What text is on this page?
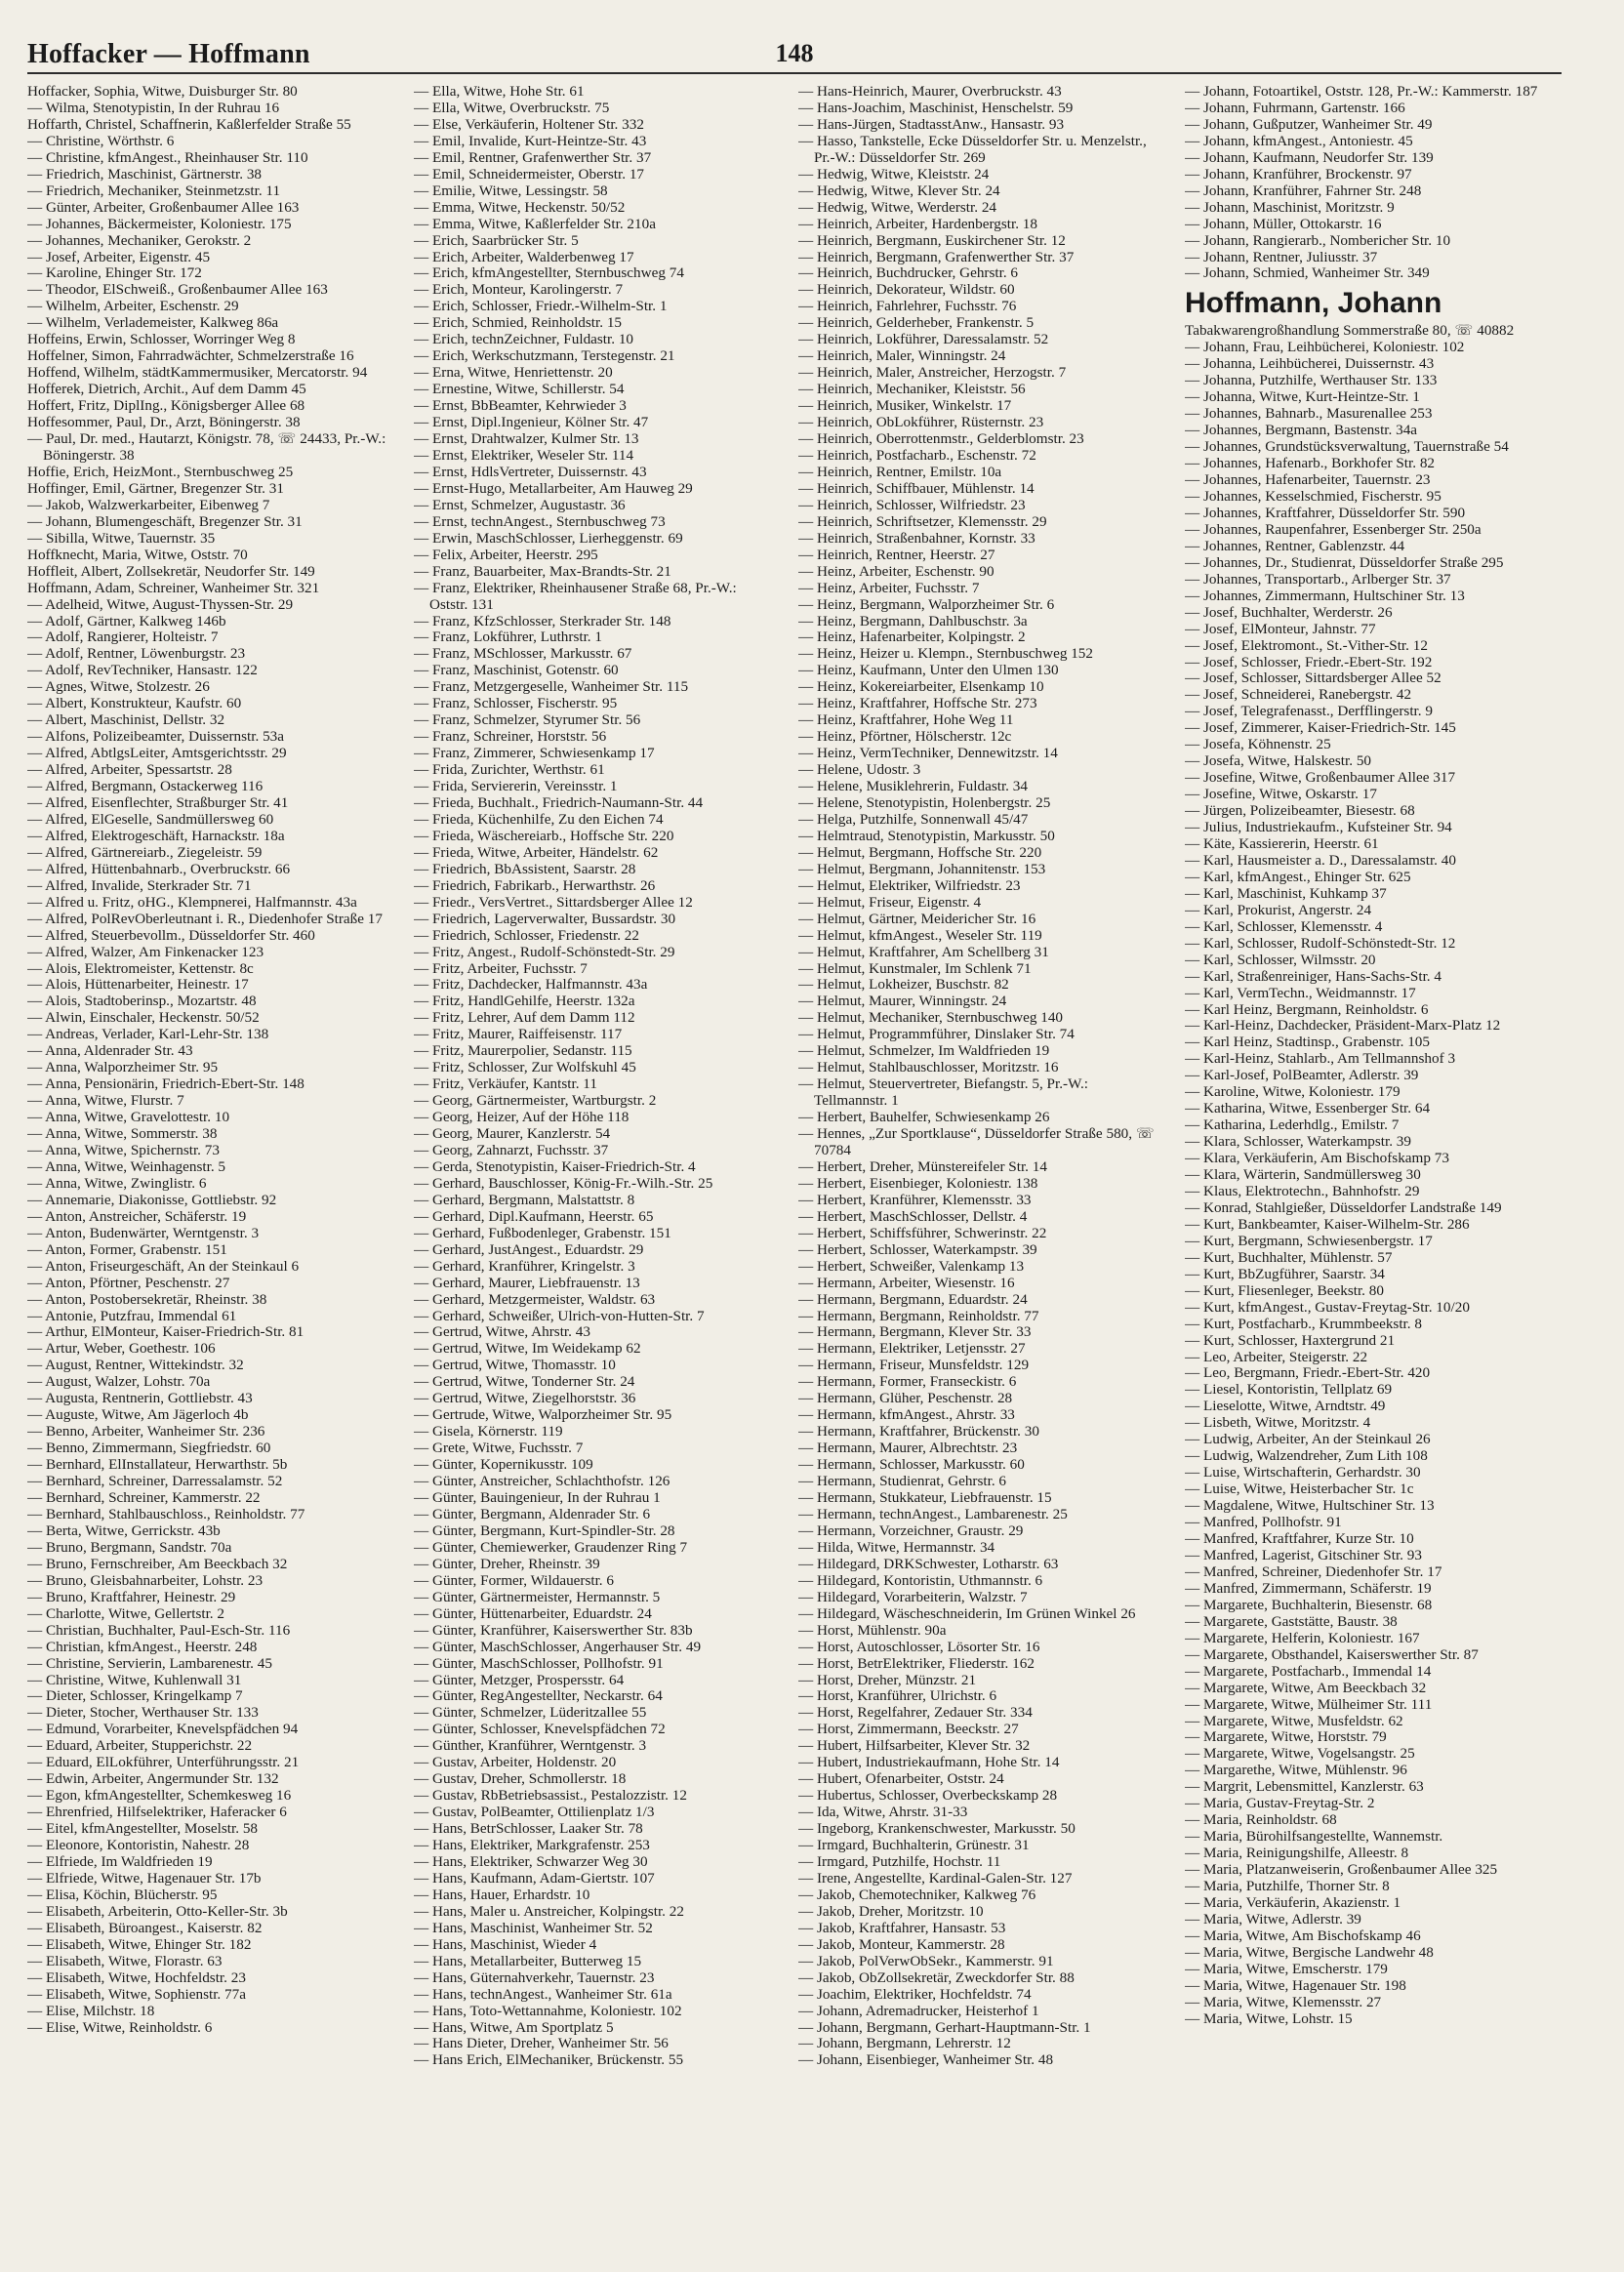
Hoffacker — Hoffmann	148
Hoffacker, Sophia, Witwe, Duisburger Str. 80
— Wilma, Stenotypistin, In der Ruhrau 16
Hoffarth, Christel, Schaffnerin, Kaßlerfelder Straße 55
— Christine, Wörthstr. 6
— Christine, kfmAngest., Rheinhauser Str. 110
— Friedrich, Maschinist, Gärtnerstr. 38
— Friedrich, Mechaniker, Steinmetzstr. 11
— Günter, Arbeiter, Großenbaumer Allee 163
— Johannes, Bäckermeister, Koloniestr. 175
— Johannes, Mechaniker, Gerokstr. 2
— Josef, Arbeiter, Eigenstr. 45
— Karoline, Ehinger Str. 172
— Theodor, ElSchweiß., Großenbaumer Allee 163
— Wilhelm, Arbeiter, Eschenstr. 29
— Wilhelm, Verlademeister, Kalkweg 86a
Hoffeins, Erwin, Schlosser, Worringer Weg 8
Hoffelner, Simon, Fahrradwächter, Schmelzerstraße 16
Hoffend, Wilhelm, städtKammermusiker, Mercatorstr. 94
Hofferek, Dietrich, Archit., Auf dem Damm 45
Hoffert, Fritz, DiplIng., Königsberger Allee 68
Hoffesommer, Paul, Dr., Arzt, Böningerstr. 38
— Paul, Dr. med., Hautarzt, Königstr. 78, ☏ 24433, Pr.-W.: Böningerstr. 38
Hoffie, Erich, HeizMont., Sternbuschweg 25
Hoffinger, Emil, Gärtner, Bregenzer Str. 31
— Jakob, Walzwerkarbeiter, Eibenweg 7
— Johann, Blumengeschäft, Bregenzer Str. 31
— Sibilla, Witwe, Tauernstr. 35
Hoffknecht, Maria, Witwe, Oststr. 70
Hoffleit, Albert, Zollsekretär, Neudorfer Str. 149
Hoffmann, Adam, Schreiner, Wanheimer Str. 321
— Adelheid, Witwe, August-Thyssen-Str. 29
— Adolf, Gärtner, Kalkweg 146b
— Adolf, Rangierer, Holteistr. 7
— Adolf, Rentner, Löwenburgstr. 23
— Adolf, RevTechniker, Hansastr. 122
— Agnes, Witwe, Stolzestr. 26
— Albert, Konstrukteur, Kaufstr. 60
— Albert, Maschinist, Dellstr. 32
— Alfons, Polizeibeamter, Duissernstr. 53a
— Alfred, AbtlgsLeiter, Amtsgerichtsstr. 29
— Alfred, Arbeiter, Spessartstr. 28
— Alfred, Bergmann, Ostackerweg 116
— Alfred, Eisenflechter, Straßburger Str. 41
— Alfred, ElGeselle, Sandmüllersweg 60
— Alfred, Elektrogeschäft, Harnackstr. 18a
— Alfred, Gärtnereiarb., Ziegeleistr. 59
— Alfred, Hüttenbahnarb., Overbruckstr. 66
— Alfred, Invalide, Sterkrader Str. 71
— Alfred u. Fritz, oHG., Klempnerei, Halfmannstr. 43a
— Alfred, PolRevOberleutnant i. R., Diedenhofer Straße 17
— Alfred, Steuerbevollm., Düsseldorfer Str. 460
— Alfred, Walzer, Am Finkenacker 123
— Alois, Elektromeister, Kettenstr. 8c
— Alois, Hüttenarbeiter, Heinestr. 17
— Alois, Stadtoberinsp., Mozartstr. 48
— Alwin, Einschaler, Heckenstr. 50/52
— Andreas, Verlader, Karl-Lehr-Str. 138
— Anna, Aldenrader Str. 43
— Anna, Walporzheimer Str. 95
— Anna, Pensionärin, Friedrich-Ebert-Str. 148
— Anna, Witwe, Flurstr. 7
— Anna, Witwe, Gravelottestr. 10
— Anna, Witwe, Sommerstr. 38
— Anna, Witwe, Spichernstr. 73
— Anna, Witwe, Weinhagenstr. 5
— Anna, Witwe, Zwinglistr. 6
— Annemarie, Diakonisse, Gottliebstr. 92
— Anton, Anstreicher, Schäferstr. 19
— Anton, Budenwärter, Werntgenstr. 3
— Anton, Former, Grabenstr. 151
— Anton, Friseurgeschäft, An der Steinkaul 6
— Anton, Pförtner, Peschenstr. 27
— Anton, Postobersekretär, Rheinstr. 38
— Antonie, Putzfrau, Immendal 61
— Arthur, ElMonteur, Kaiser-Friedrich-Str. 81
— Artur, Weber, Goethestr. 106
— August, Rentner, Wittekindstr. 32
— August, Walzer, Lohstr. 70a
— Augusta, Rentnerin, Gottliebstr. 43
— Auguste, Witwe, Am Jägerloch 4b
— Benno, Arbeiter, Wanheimer Str. 236
— Benno, Zimmermann, Siegfriedstr. 60
— Bernhard, ElInstallateur, Herwarthstr. 5b
— Bernhard, Schreiner, Darressalamstr. 52
— Bernhard, Schreiner, Kammerstr. 22
— Bernhard, Stahlbauschloss., Reinholdstr. 77
— Berta, Witwe, Gerrickstr. 43b
— Bruno, Bergmann, Sandstr. 70a
— Bruno, Fernschreiber, Am Beeckbach 32
— Bruno, Gleisbahnarbeiter, Lohstr. 23
— Bruno, Kraftfahrer, Heinestr. 29
— Charlotte, Witwe, Gellertstr. 2
— Christian, Buchhalter, Paul-Esch-Str. 116
— Christian, kfmAngest., Heerstr. 248
— Christine, Servierin, Lambarenestr. 45
— Christine, Witwe, Kuhlenwall 31
— Dieter, Schlosser, Kringelkamp 7
— Dieter, Stocher, Werthauser Str. 133
— Edmund, Vorarbeiter, Knevelspfädchen 94
— Eduard, Arbeiter, Stupperichstr. 22
— Eduard, ElLokführer, Unterführungsstr. 21
— Edwin, Arbeiter, Angermunder Str. 132
— Egon, kfmAngestellter, Schemkesweg 16
— Ehrenfried, Hilfselektriker, Haferacker 6
— Eitel, kfmAngestellter, Moselstr. 58
— Eleonore, Kontoristin, Nahestr. 28
— Elfriede, Im Waldfrieden 19
— Elfriede, Witwe, Hagenauer Str. 17b
— Elisa, Köchin, Blücherstr. 95
— Elisabeth, Arbeiterin, Otto-Keller-Str. 3b
— Elisabeth, Büroangest., Kaiserstr. 82
— Elisabeth, Witwe, Ehinger Str. 182
— Elisabeth, Witwe, Florastr. 63
— Elisabeth, Witwe, Hochfeldstr. 23
— Elisabeth, Witwe, Sophienstr. 77a
— Elise, Milchstr. 18
— Elise, Witwe, Reinholdstr. 6
— Ella, Witwe, Hohe Str. 61
— Ella, Witwe, Overbruckstr. 75
— Else, Verkäuferin, Holtener Str. 332
— Emil, Invalide, Kurt-Heintze-Str. 43
— Emil, Rentner, Grafenwerther Str. 37
— Emil, Schneidermeister, Oberstr. 17
— Emilie, Witwe, Lessingstr. 58
— Emma, Witwe, Heckenstr. 50/52
— Emma, Witwe, Kaßlerfelder Str. 210a
— Erich, Saarbrücker Str. 5
— Erich, Arbeiter, Walderbenweg 17
— Erich, kfmAngestellter, Sternbuschweg 74
— Erich, Monteur, Karolingerstr. 7
— Erich, Schlosser, Friedr.-Wilhelm-Str. 1
— Erich, Schmied, Reinholdstr. 15
— Erich, technZeichner, Fuldastr. 10
— Erich, Werkschutzmann, Terstegenstr. 21
— Erna, Witwe, Henriettenstr. 20
— Ernestine, Witwe, Schillerstr. 54
— Ernst, BbBeamter, Kehrwieder 3
— Ernst, Dipl.Ingenieur, Kölner Str. 47
— Ernst, Drahtwalzer, Kulmer Str. 13
— Ernst, Elektriker, Weseler Str. 114
— Ernst, HdlsVertreter, Duissernstr. 43
— Ernst-Hugo, Metallarbeiter, Am Hauweg 29
— Ernst, Schmelzer, Augustastr. 36
— Ernst, technAngest., Sternbuschweg 73
— Erwin, MaschSchlosser, Lierheggenstr. 69
— Felix, Arbeiter, Heerstr. 295
— Franz, Bauarbeiter, Max-Brandts-Str. 21
— Franz, Elektriker, Rheinhausener Straße 68, Pr.-W.: Oststr. 131
— Franz, KfzSchlosser, Sterkrader Str. 148
— Franz, Lokführer, Luthrstr. 1
— Franz, MSchlosser, Markusstr. 67
— Franz, Maschinist, Gotenstr. 60
— Franz, Metzgergeselle, Wanheimer Str. 115
— Franz, Schlosser, Fischerstr. 95
— Franz, Schmelzer, Styrumer Str. 56
— Franz, Schreiner, Horststr. 56
— Franz, Zimmerer, Schwiesenkamp 17
— Frida, Zurichter, Werthstr. 61
— Frida, Serviererin, Vereinsstr. 1
— Frieda, Buchhalt., Friedrich-Naumann-Str. 44
— Frieda, Küchenhilfe, Zu den Eichen 74
— Frieda, Wäschereiarb., Hoffsche Str. 220
— Frieda, Witwe, Arbeiter, Händelstr. 62
— Friedrich, BbAssistent, Saarstr. 28
— Friedrich, Fabrikarb., Herwarthstr. 26
— Friedr., VersVertret., Sittardsberger Allee 12
— Friedrich, Lagerverwalter, Bussardstr. 30
— Friedrich, Schlosser, Friedenstr. 22
— Fritz, Angest., Rudolf-Schönstedt-Str. 29
— Fritz, Arbeiter, Fuchsstr. 7
— Fritz, Dachdecker, Halfmannstr. 43a
— Fritz, HandlGehilfe, Heerstr. 132a
— Fritz, Lehrer, Auf dem Damm 112
— Fritz, Maurer, Raiffeisenstr. 117
— Fritz, Maurerpolier, Sedanstr. 115
— Fritz, Schlosser, Zur Wolfskuhl 45
— Fritz, Verkäufer, Kantstr. 11
— Georg, Gärtnermeister, Wartburgstr. 2
— Georg, Heizer, Auf der Höhe 118
— Georg, Maurer, Kanzlerstr. 54
— Georg, Zahnarzt, Fuchsstr. 37
— Gerda, Stenotypistin, Kaiser-Friedrich-Str. 4
— Gerhard, Bauschlosser, König-Fr.-Wilh.-Str. 25
— Gerhard, Bergmann, Malstattstr. 8
— Gerhard, Dipl.Kaufmann, Heerstr. 65
— Gerhard, Fußbodenleger, Grabenstr. 151
— Gerhard, JustAngest., Eduardstr. 29
— Gerhard, Kranführer, Kringelstr. 3
— Gerhard, Maurer, Liebfrauenstr. 13
— Gerhard, Metzgermeister, Waldstr. 63
— Gerhard, Schweißer, Ulrich-von-Hutten-Str. 7
— Gertrud, Witwe, Ahrstr. 43
— Gertrud, Witwe, Im Weidekamp 62
— Gertrud, Witwe, Thomasstr. 10
— Gertrud, Witwe, Tonderner Str. 24
— Gertrud, Witwe, Ziegelhorststr. 36
— Gertrude, Witwe, Walporzheimer Str. 95
— Gisela, Körnerstr. 119
— Grete, Witwe, Fuchsstr. 7
— Günter, Kopernikusstr. 109
— Günter, Anstreicher, Schlachthofstr. 126
— Günter, Bauingenieur, In der Ruhrau 1
— Günter, Bergmann, Aldenrader Str. 6
— Günter, Bergmann, Kurt-Spindler-Str. 28
— Günter, Chemiewerker, Graudenzer Ring 7
— Günter, Dreher, Rheinstr. 39
— Günter, Former, Wildauerstr. 6
— Günter, Gärtnermeister, Hermannstr. 5
— Günter, Hüttenarbeiter, Eduardstr. 24
— Günter, Kranführer, Kaiserswerther Str. 83b
— Günter, MaschSchlosser, Angerhauser Str. 49
— Günter, MaschSchlosser, Pollhofstr. 91
— Günter, Metzger, Prospersstr. 64
— Günter, RegAngestellter, Neckarstr. 64
— Günter, Schmelzer, Lüderitzallee 55
— Günter, Schlosser, Knevelspfädchen 72
— Günther, Kranführer, Werntgenstr. 3
— Gustav, Arbeiter, Holdenstr. 20
— Gustav, Dreher, Schmollerstr. 18
— Gustav, RbBetriebsassist., Pestalozzistr. 12
— Gustav, PolBeamter, Ottilienplatz 1/3
— Hans, BetrSchlosser, Laaker Str. 78
— Hans, Elektriker, Markgrafenstr. 253
— Hans, Elektriker, Schwarzer Weg 30
— Hans, Kaufmann, Adam-Giertstr. 107
— Hans, Hauer, Erhardstr. 10
— Hans, Maler u. Anstreicher, Kolpingstr. 22
— Hans, Maschinist, Wanheimer Str. 52
— Hans, Maschinist, Wieder 4
— Hans, Metallarbeiter, Butterweg 15
— Hans, Güternahverkehr, Tauernstr. 23
— Hans, technAngest., Wanheimer Str. 61a
— Hans, Toto-Wettannahme, Koloniestr. 102
— Hans, Witwe, Am Sportplatz 5
— Hans Dieter, Dreher, Wanheimer Str. 56
— Hans Erich, ElMechaniker, Brückenstr. 55
— Hans-Heinrich, Maurer, Overbruckstr. 43
— Hans-Joachim, Maschinist, Henschelstr. 59
— Hans-Jürgen, StadtasstAnw., Hansastr. 93
— Hasso, Tankstelle, Ecke Düsseldorfer Str. u. Menzelstr., Pr.-W.: Düsseldorfer Str. 269
— Hedwig, Witwe, Kleiststr. 24
— Hedwig, Witwe, Klever Str. 24
— Hedwig, Witwe, Werderstr. 24
— Heinrich, Arbeiter, Hardenbergstr. 18
— Heinrich, Bergmann, Euskirchener Str. 12
— Heinrich, Bergmann, Grafenwerther Str. 37
— Heinrich, Buchdrucker, Gehrstr. 6
— Heinrich, Dekorateur, Wildstr. 60
— Heinrich, Fahrlehrer, Fuchsstr. 76
— Heinrich, Gelderheber, Frankenstr. 5
— Heinrich, Lokführer, Daressalamstr. 52
— Heinrich, Maler, Winningstr. 24
— Heinrich, Maler, Anstreicher, Herzogstr. 7
— Heinrich, Mechaniker, Kleiststr. 56
— Heinrich, Musiker, Winkelstr. 17
— Heinrich, ObLokführer, Rüsternstr. 23
— Heinrich, Oberrottenmstr., Gelderblomstr. 23
— Heinrich, Postfacharb., Eschenstr. 72
— Heinrich, Rentner, Emilstr. 10a
— Heinrich, Schiffbauer, Mühlenstr. 14
— Heinrich, Schlosser, Wilfriedstr. 23
— Heinrich, Schriftsetzer, Klemensstr. 29
— Heinrich, Straßenbahner, Kornstr. 33
— Heinrich, Rentner, Heerstr. 27
— Heinz, Arbeiter, Eschenstr. 90
— Heinz, Arbeiter, Fuchsstr. 7
— Heinz, Bergmann, Walporzheimer Str. 6
— Heinz, Bergmann, Dahlbuschstr. 3a
— Heinz, Hafenarbeiter, Kolpingstr. 2
— Heinz, Heizer u. Klempn., Sternbuschweg 152
— Heinz, Kaufmann, Unter den Ulmen 130
— Heinz, Kokereiarbeiter, Elsenkamp 10
— Heinz, Kraftfahrer, Hoffsche Str. 273
— Heinz, Kraftfahrer, Hohe Weg 11
— Heinz, Pförtner, Hölscherstr. 12c
— Heinz, VermTechniker, Dennewitzstr. 14
— Helene, Udostr. 3
— Helene, Musiklehrerin, Fuldastr. 34
— Helene, Stenotypistin, Holenbergstr. 25
— Helga, Putzhilfe, Sonnenwall 45/47
— Helmtraud, Stenotypistin, Markusstr. 50
— Helmut, Bergmann, Hoffsche Str. 220
— Helmut, Bergmann, Johannitenstr. 153
— Helmut, Elektriker, Wilfriedstr. 23
— Helmut, Friseur, Eigenstr. 4
— Helmut, Gärtner, Meidericher Str. 16
— Helmut, kfmAngest., Weseler Str. 119
— Helmut, Kraftfahrer, Am Schellberg 31
— Helmut, Kunstmaler, Im Schlenk 71
— Helmut, Lokheizer, Buschstr. 82
— Helmut, Maurer, Winningstr. 24
— Helmut, Mechaniker, Sternbuschweg 140
— Helmut, Programmführer, Dinslaker Str. 74
— Helmut, Schmelzer, Im Waldfrieden 19
— Helmut, Stahlbauschlosser, Moritzstr. 16
— Helmut, Steuervertreter, Biefangstr. 5, Pr.-W.: Tellmannstr. 1
— Herbert, Bauhelfer, Schwiesenkamp 26
— Hennes, „Zur Sportklause“, Düsseldorfer Straße 580, ☏ 70784
— Herbert, Dreher, Münstereifeler Str. 14
— Herbert, Eisenbieger, Koloniestr. 138
— Herbert, Kranführer, Klemensstr. 33
— Herbert, MaschSchlosser, Dellstr. 4
— Herbert, Schiffsführer, Schwerinstr. 22
— Herbert, Schlosser, Waterkampstr. 39
— Herbert, Schweißer, Valenkamp 13
— Hermann, Arbeiter, Wiesenstr. 16
— Hermann, Bergmann, Eduardstr. 24
— Hermann, Bergmann, Reinholdstr. 77
— Hermann, Bergmann, Klever Str. 33
— Hermann, Elektriker, Letjensstr. 27
— Hermann, Friseur, Munsfeldstr. 129
— Hermann, Former, Franseckistr. 6
— Hermann, Glüher, Peschenstr. 28
— Hermann, kfmAngest., Ahrstr. 33
— Hermann, Kraftfahrer, Brückenstr. 30
— Hermann, Maurer, Albrechtstr. 23
— Hermann, Schlosser, Markusstr. 60
— Hermann, Studienrat, Gehrstr. 6
— Hermann, Stukkateur, Liebfrauenstr. 15
— Hermann, technAngest., Lambarenestr. 25
— Hermann, Vorzeichner, Graustr. 29
— Hilda, Witwe, Hermannstr. 34
— Hildegard, DRKSchwester, Lotharstr. 63
— Hildegard, Kontoristin, Uthmannstr. 6
— Hildegard, Vorarbeiterin, Walzstr. 7
— Hildegard, Wäscheschneiderin, Im Grünen Winkel 26
— Horst, Mühlenstr. 90a
— Horst, Autoschlosser, Lösorter Str. 16
— Horst, BetrElektriker, Fliederstr. 162
— Horst, Dreher, Münzstr. 21
— Horst, Kranführer, Ulrichstr. 6
— Horst, Regelfahrer, Zedauer Str. 334
— Horst, Zimmermann, Beeckstr. 27
— Hubert, Hilfsarbeiter, Klever Str. 32
— Hubert, Industriekaufmann, Hohe Str. 14
— Hubert, Ofenarbeiter, Oststr. 24
— Hubertus, Schlosser, Overbeckskamp 28
— Ida, Witwe, Ahrstr. 31-33
— Ingeborg, Krankenschwester, Markusstr. 50
— Irmgard, Buchhalterin, Grünestr. 31
— Irmgard, Putzhilfe, Hochstr. 11
— Irene, Angestellte, Kardinal-Galen-Str. 127
— Jakob, Chemotechniker, Kalkweg 76
— Jakob, Dreher, Moritzstr. 10
— Jakob, Kraftfahrer, Hansastr. 53
— Jakob, Monteur, Kammerstr. 28
— Jakob, PolVerwObSekr., Kammerstr. 91
— Jakob, ObZollsekretär, Zweckdorfer Str. 88
— Joachim, Elektriker, Hochfeldstr. 74
— Johann, Adremadrucker, Heisterhof 1
— Johann, Bergmann, Gerhart-Hauptmann-Str. 1
— Johann, Bergmann, Lehrerstr. 12
— Johann, Eisenbieger, Wanheimer Str. 48
— Johann, Fotoartikel, Oststr. 128, Pr.-W.: Kammerstr. 187
— Johann, Fuhrmann, Gartenstr. 166
— Johann, Gußputzer, Wanheimer Str. 49
— Johann, kfmAngest., Antoniestr. 45
— Johann, Kaufmann, Neudorfer Str. 139
— Johann, Kranführer, Brockenstr. 97
— Johann, Kranführer, Fahrner Str. 248
— Johann, Maschinist, Moritzstr. 9
— Johann, Müller, Ottokarstr. 16
— Johann, Rangierarb., Nombericher Str. 10
— Johann, Rentner, Juliusstr. 37
— Johann, Schmied, Wanheimer Str. 349
Hoffmann, Johann
Tabakwarengroßhandlung Sommerstraße 80, ☏ 40882
— Johann, Frau, Leihbücherei, Koloniestr. 102
— Johanna, Leihbücherei, Duissernstr. 43
— Johanna, Putzhilfe, Werthauser Str. 133
— Johanna, Witwe, Kurt-Heintze-Str. 1
— Johannes, Bahnarb., Masurenallee 253
— Johannes, Bergmann, Bastenstr. 34a
— Johannes, Grundstücksverwaltung, Tauernstraße 54
— Johannes, Hafenarb., Borkhofer Str. 82
— Johannes, Hafenarbeiter, Tauernstr. 23
— Johannes, Kesselschmied, Fischerstr. 95
— Johannes, Kraftfahrer, Düsseldorfer Str. 590
— Johannes, Raupenfahrer, Essenberger Str. 250a
— Johannes, Rentner, Gablenzstr. 44
— Johannes, Dr., Studienrat, Düsseldorfer Straße 295
— Johannes, Transportarb., Arlberger Str. 37
— Johannes, Zimmermann, Hultschiner Str. 13
— Josef, Buchhalter, Werderstr. 26
— Josef, ElMonteur, Jahnstr. 77
— Josef, Elektromont., St.-Vither-Str. 12
— Josef, Schlosser, Friedr.-Ebert-Str. 192
— Josef, Schlosser, Sittardsberger Allee 52
— Josef, Schneiderei, Ranebergstr. 42
— Josef, Telegrafenasst., Derfflingerstr. 9
— Josef, Zimmerer, Kaiser-Friedrich-Str. 145
— Josefa, Köhnenstr. 25
— Josefa, Witwe, Halskestr. 50
— Josefine, Witwe, Großenbaumer Allee 317
— Josefine, Witwe, Oskarstr. 17
— Jürgen, Polizeibeamter, Biesestr. 68
— Julius, Industriekaufm., Kufsteiner Str. 94
— Käte, Kassiererin, Heerstr. 61
— Karl, Hausmeister a. D., Daressalamstr. 40
— Karl, kfmAngest., Ehinger Str. 625
— Karl, Maschinist, Kuhkamp 37
— Karl, Prokurist, Angerstr. 24
— Karl, Schlosser, Klemensstr. 4
— Karl, Schlosser, Rudolf-Schönstedt-Str. 12
— Karl, Schlosser, Wilmsstr. 20
— Karl, Straßenreiniger, Hans-Sachs-Str. 4
— Karl, VermTechn., Weidmannstr. 17
— Karl Heinz, Bergmann, Reinholdstr. 6
— Karl-Heinz, Dachdecker, Präsident-Marx-Platz 12
— Karl Heinz, Stadtinsp., Grabenstr. 105
— Karl-Heinz, Stahlarb., Am Tellmannshof 3
— Karl-Josef, PolBeamter, Adlerstr. 39
— Karoline, Witwe, Koloniestr. 179
— Katharina, Witwe, Essenberger Str. 64
— Katharina, Lederhdlg., Emilstr. 7
— Klara, Schlosser, Waterkampstr. 39
— Klara, Verkäuferin, Am Bischofskamp 73
— Klara, Wärterin, Sandmüllersweg 30
— Klaus, Elektrotechn., Bahnhofstr. 29
— Konrad, Stahlgießer, Düsseldorfer Landstraße 149
— Kurt, Bankbeamter, Kaiser-Wilhelm-Str. 286
— Kurt, Bergmann, Schwiesenbergstr. 17
— Kurt, Buchhalter, Mühlenstr. 57
— Kurt, BbZugführer, Saarstr. 34
— Kurt, Fliesenleger, Beekstr. 80
— Kurt, kfmAngest., Gustav-Freytag-Str. 10/20
— Kurt, Postfacharb., Krummbeekstr. 8
— Kurt, Schlosser, Haxtergrund 21
— Leo, Arbeiter, Steigerstr. 22
— Leo, Bergmann, Friedr.-Ebert-Str. 420
— Liesel, Kontoristin, Tellplatz 69
— Lieselotte, Witwe, Arndtstr. 49
— Lisbeth, Witwe, Moritzstr. 4
— Ludwig, Arbeiter, An der Steinkaul 26
— Ludwig, Walzendreher, Zum Lith 108
— Luise, Wirtschafterin, Gerhardstr. 30
— Luise, Witwe, Heisterbacher Str. 1c
— Magdalene, Witwe, Hultschiner Str. 13
— Manfred, Pollhofstr. 91
— Manfred, Kraftfahrer, Kurze Str. 10
— Manfred, Lagerist, Gitschiner Str. 93
— Manfred, Schreiner, Diedenhofer Str. 17
— Manfred, Zimmermann, Schäferstr. 19
— Margarete, Buchhalterin, Biesenstr. 68
— Margarete, Gaststätte, Baustr. 38
— Margarete, Helferin, Koloniestr. 167
— Margarete, Obsthandel, Kaiserswerther Str. 87
— Margarete, Postfacharb., Immendal 14
— Margarete, Witwe, Am Beeckbach 32
— Margarete, Witwe, Mülheimer Str. 111
— Margarete, Witwe, Musfeldstr. 62
— Margarete, Witwe, Horststr. 79
— Margarete, Witwe, Vogelsangstr. 25
— Margarethe, Witwe, Mühlenstr. 96
— Margrit, Lebensmittel, Kanzlerstr. 63
— Maria, Gustav-Freytag-Str. 2
— Maria, Reinholdstr. 68
— Maria, Bürohilfsangestellte, Wannemstr.
— Maria, Reinigungshilfe, Alleestr. 8
— Maria, Platzanweiserin, Großenbaumer Allee 325
— Maria, Putzhilfe, Thorner Str. 8
— Maria, Verkäuferin, Akazienstr. 1
— Maria, Witwe, Adlerstr. 39
— Maria, Witwe, Am Bischofskamp 46
— Maria, Witwe, Bergische Landwehr 48
— Maria, Witwe, Emscherstr. 179
— Maria, Witwe, Hagenauer Str. 198
— Maria, Witwe, Klemensstr. 27
— Maria, Witwe, Lohstr. 15
